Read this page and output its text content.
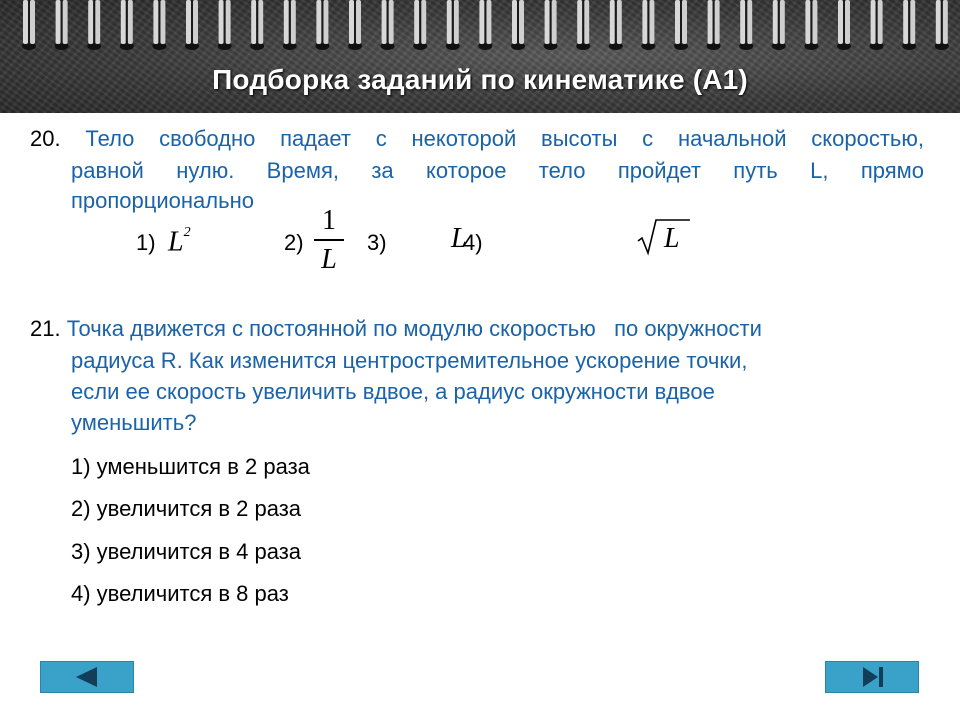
Подборка заданий по кинематике (А1)
20. Тело свободно падает с некоторой высоты с начальной скоростью,
равной нулю. Время, за которое тело пройдет путь L, прямо
пропорционально
1) $L^2$	2)
1
L
3) L
4)	L
21. Точка движется с постоянной по модулю скоростью   по окружности
радиуса R. Как изменится центростремительное ускорение точки,
если ее скорость увеличить вдвое, а радиус окружности вдвое
уменьшить?
1) уменьшится в 2 раза
2) увеличится в 2 раза
3) увеличится в 4 раза
4) увеличится в 8 раз
